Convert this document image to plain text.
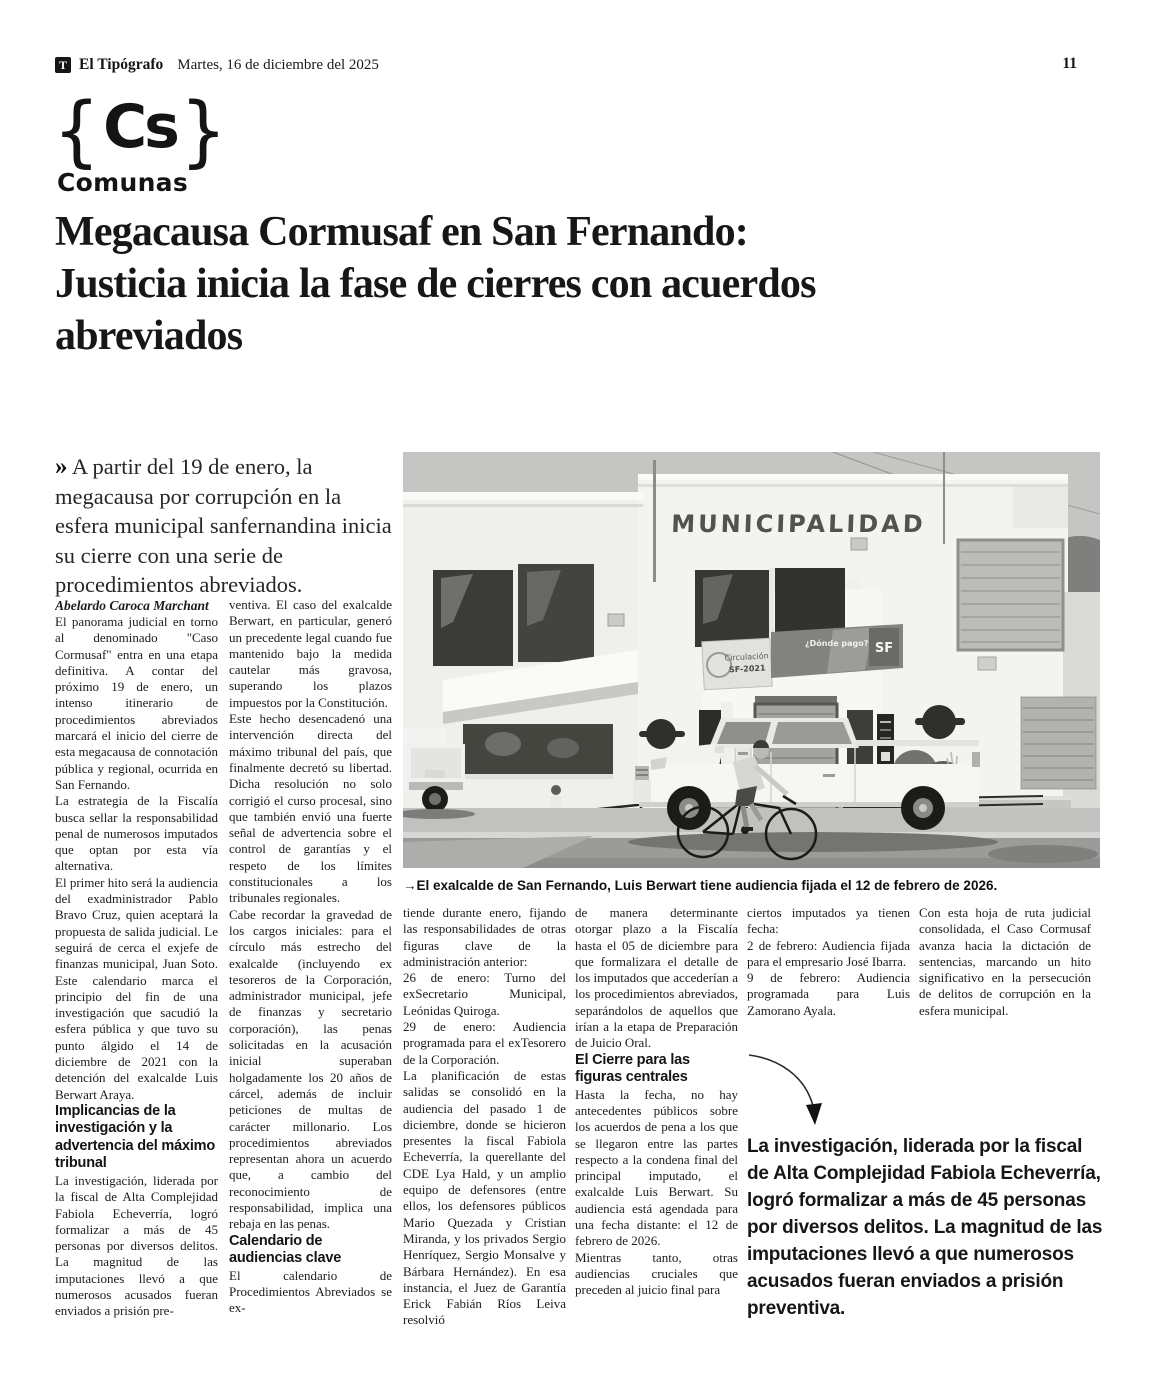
T El Tipógrafo Martes, 16 de diciembre del 2025	11
{ Cs }
Comunas
Megacausa Cormusaf en San Fernando:
Justicia inicia la fase de cierres con acuerdos
abreviados
» A partir del 19 de enero, la megacausa por corrupción en la esfera municipal sanfernandina inicia su cierre con una serie de procedimientos abreviados.
MUNICIPALIDAD
Circulación
SF-2021
¿Dónde pago? SF
→El exalcalde de San Fernando, Luis Berwart tiene audiencia fijada el 12 de febrero de 2026.

Abelardo Caroca Marchant

El panorama judicial en torno al denominado "Caso Cormusaf" entra en una etapa definitiva. A contar del próximo 19 de enero, un intenso itinerario de procedimientos abreviados marcará el inicio del cierre de esta megacausa de connotación pública y regional, ocurrida en San Fernando.

La estrategia de la Fiscalía busca sellar la responsabilidad penal de numerosos imputados que optan por esta vía alternativa.

El primer hito será la audiencia del exadministrador Pablo Bravo Cruz, quien aceptará la propuesta de salida judicial. Le seguirá de cerca el exjefe de finanzas municipal, Juan Soto. Este calendario marca el principio del fin de una investigación que sacudió la esfera pública y que tuvo su punto álgido el 14 de diciembre de 2021 con la detención del exalcalde Luis Berwart Araya.

Implicancias de la investigación y la advertencia del máximo tribunal

La investigación, liderada por la fiscal de Alta Complejidad Fabiola Echeverría, logró formalizar a más de 45 personas por diversos delitos. La magnitud de las imputaciones llevó a que numerosos acusados fueran enviados a prisión pre-

ventiva. El caso del exalcalde Berwart, en particular, generó un precedente legal cuando fue mantenido bajo la medida cautelar más gravosa, superando los plazos impuestos por la Constitución.

Este hecho desencadenó una intervención directa del máximo tribunal del país, que finalmente decretó su libertad. Dicha resolución no solo corrigió el curso procesal, sino que también envió una fuerte señal de advertencia sobre el control de garantías y el respeto de los límites constitucionales a los tribunales regionales.

Cabe recordar la gravedad de los cargos iniciales: para el círculo más estrecho del exalcalde (incluyendo ex tesoreros de la Corporación, administrador municipal, jefe de finanzas y secretario corporación), las penas solicitadas en la acusación inicial superaban holgadamente los 20 años de cárcel, además de incluir peticiones de multas de carácter millonario. Los procedimientos abreviados representan ahora un acuerdo que, a cambio del reconocimiento de responsabilidad, implica una rebaja en las penas.

Calendario de audiencias clave

El calendario de Procedimientos Abreviados se ex-

tiende durante enero, fijando las responsabilidades de otras figuras clave de la administración anterior:

26 de enero: Turno del exSecretario Municipal, Leónidas Quiroga.

29 de enero: Audiencia programada para el exTesorero de la Corporación.

La planificación de estas salidas se consolidó en la audiencia del pasado 1 de diciembre, donde se hicieron presentes la fiscal Fabiola Echeverría, la querellante del CDE Lya Hald, y un amplio equipo de defensores (entre ellos, los defensores públicos Mario Quezada y Cristian Miranda, y los privados Sergio Henríquez, Sergio Monsalve y Bárbara Hernández). En esa instancia, el Juez de Garantía Erick Fabián Ríos Leiva resolvió

de manera determinante otorgar plazo a la Fiscalía hasta el 05 de diciembre para que formalizara el detalle de los imputados que accederían a los procedimientos abreviados, separándolos de aquellos que irían a la etapa de Preparación de Juicio Oral.

El Cierre para las figuras centrales

Hasta la fecha, no hay antecedentes públicos sobre los acuerdos de pena a los que se llegaron entre las partes respecto a la condena final del principal imputado, el exalcalde Luis Berwart. Su audiencia está agendada para una fecha distante: el 12 de febrero de 2026.

Mientras tanto, otras audiencias cruciales que preceden al juicio final para

ciertos imputados ya tienen fecha:

2 de febrero: Audiencia fijada para el empresario José Ibarra.

9 de febrero: Audiencia programada para Luis Zamorano Ayala.

Con esta hoja de ruta judicial consolidada, el Caso Cormusaf avanza hacia la dictación de sentencias, marcando un hito significativo en la persecución de delitos de corrupción en la esfera municipal.

La investigación, liderada por la fiscal de Alta Complejidad Fabiola Echeverría, logró formalizar a más de 45 personas por diversos delitos. La magnitud de las imputaciones llevó a que numerosos acusados fueran enviados a prisión preventiva.
